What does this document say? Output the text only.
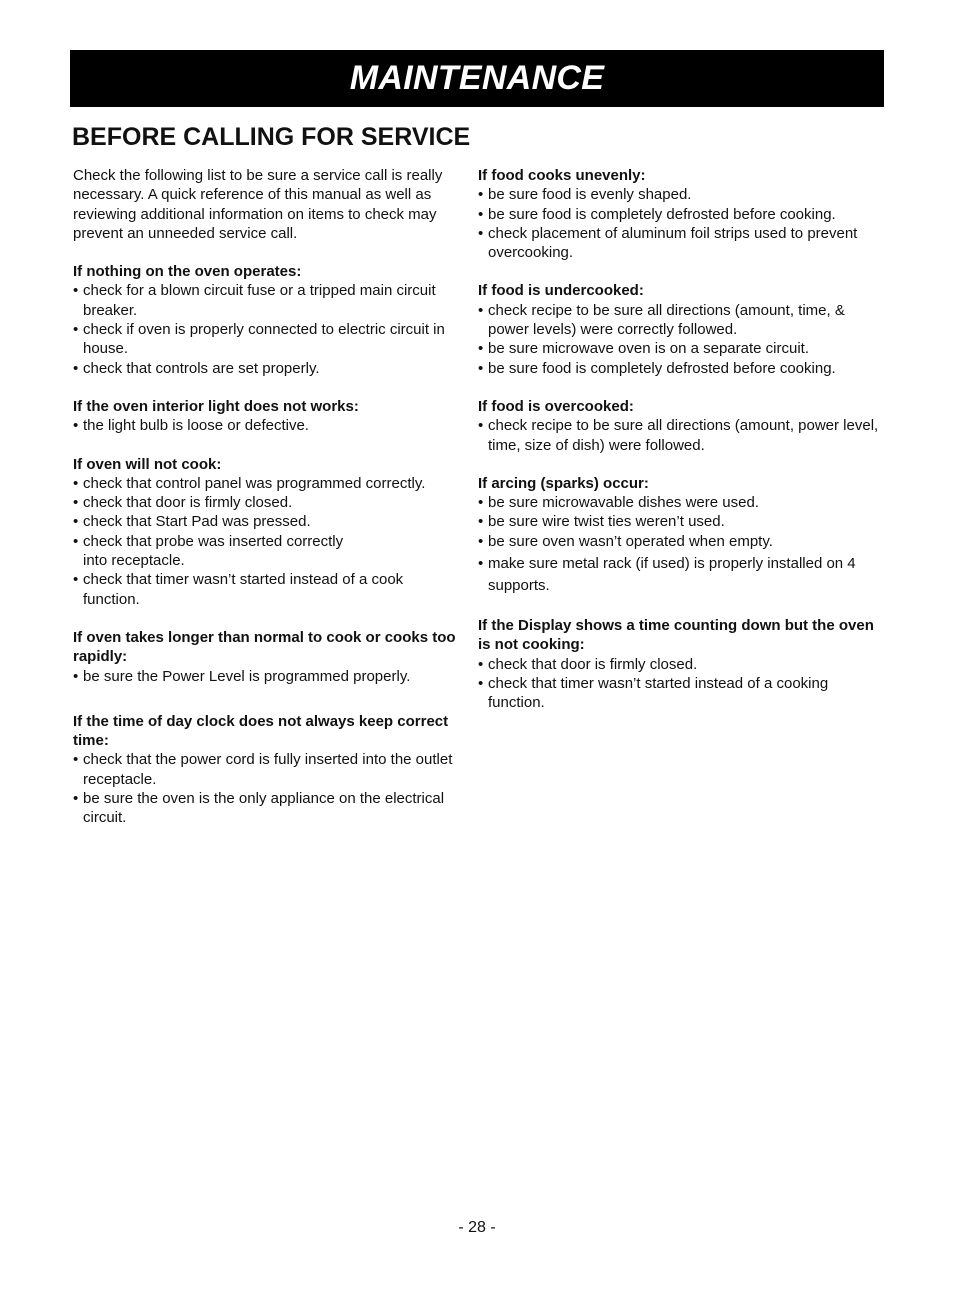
MAINTENANCE
BEFORE CALLING FOR SERVICE

Check the following list to be sure a service call is really necessary. A quick reference of this manual as well as reviewing additional information on items to check may prevent an unneeded service call.

If nothing on the oven operates:

• check for a blown circuit fuse or a tripped main circuit breaker.
• check if oven is properly connected to electric circuit in house.
• check that controls are set properly.

If the oven interior light does not works:

• the light bulb is loose or defective.

If oven will not cook:

• check that control panel was programmed correctly.
• check that door is firmly closed.
• check that Start Pad was pressed.
• check that probe was inserted correctly into receptacle.
• check that timer wasn’t started instead of a cook function.

If oven takes longer than normal to cook or cooks too rapidly:

• be sure the Power Level is programmed properly.

If the time of day clock does not always keep correct time:

• check that the power cord is fully inserted into the outlet receptacle.
• be sure the oven is the only appliance on the electrical circuit.

If food cooks unevenly:

• be sure food is evenly shaped.
• be sure food is completely defrosted before cooking.
• check placement of aluminum foil strips used to prevent overcooking.

If food is undercooked:

• check recipe to be sure all directions (amount, time, & power levels) were correctly followed.
• be sure microwave oven is on a separate circuit.
• be sure food is completely defrosted before cooking.

If food is overcooked:

• check recipe to be sure all directions (amount, power level, time, size of dish) were followed.

If arcing (sparks) occur:

• be sure microwavable dishes were used.
• be sure wire twist ties weren’t used.
• be sure oven wasn’t operated when empty.
• make sure metal rack (if used) is properly installed on 4 supports.

If the Display shows a time counting down but the oven is not cooking:

• check that door is firmly closed.
• check that timer wasn’t started instead of a cooking function.
- 28 -
